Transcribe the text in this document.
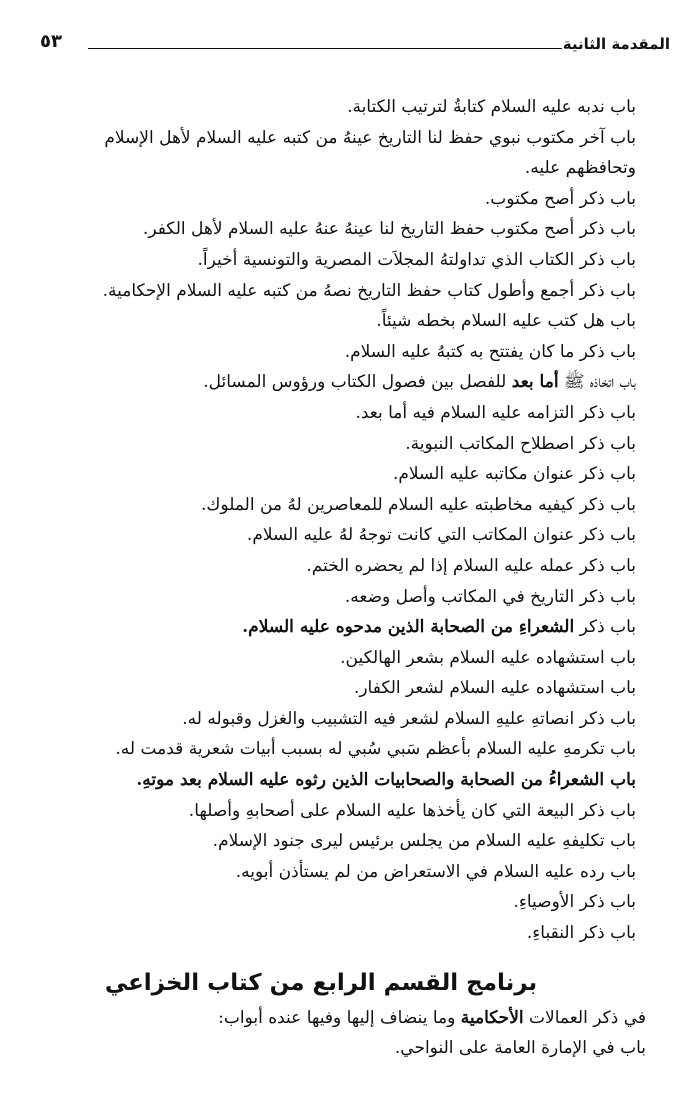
المقدمة الثانية
٥٣
باب ندبه عليه السلام كتابةُ لترتيب الكتابة.
باب آخر مكتوب نبوي حفظ لنا التاريخ عينهُ من كتبه عليه السلام لأهل الإسلام وتحافظهم عليه.
باب ذكر أصح مكتوب.
باب ذكر أصح مكتوب حفظ التاريخ لنا عينهُ عنهُ عليه السلام لأهل الكفر.
باب ذكر الكتاب الذي تداولتهُ المجلاَت المصرية والتونسية أخيراً.
باب ذكر أجمع وأطول كتاب حفظ التاريخ نصهُ من كتبه عليه السلام الإحكامية.
باب هل كتب عليه السلام بخطه شيئاً.
باب ذكر ما كان يفتتح به كتبهُ عليه السلام.
باب اتخاذه ﷺ أما بعد للفصل بين فصول الكتاب ورؤوس المسائل.
باب ذكر التزامه عليه السلام فيه أما بعد.
باب ذكر اصطلاح المكاتب النبوية.
باب ذكر عنوان مكاتبه عليه السلام.
باب ذكر كيفيه مخاطبته عليه السلام للمعاصرين لهُ من الملوك.
باب ذكر عنوان المكاتب التي كانت توجهُ لهُ عليه السلام.
باب ذكر عمله عليه السلام إذا لم يحضره الختم.
باب ذكر التاريخ في المكاتب وأصل وضعه.
باب ذكر الشعراءِ من الصحابة الذين مدحوه عليه السلام.
باب استشهاده عليه السلام بشعر الهالكين.
باب استشهاده عليه السلام لشعر الكفار.
باب ذكر انصاتهِ عليهِ السلام لشعر فيه التشبيب والغزل وقبوله له.
باب تكرمهِ عليه السلام بأعظم سَبي سُبي له بسبب أبيات شعرية قدمت له.
باب الشعراءُ من الصحابة والصحابيات الذين رثوه عليه السلام بعد موتهِ.
باب ذكر البيعة التي كان يأخذها عليه السلام على أصحابهِ وأصلها.
باب تكليفهِ عليه السلام من يجلس برئيس ليرى جنود الإسلام.
باب رده عليه السلام في الاستعراض من لم يستأذن أبويه.
باب ذكر الأوصياءِ.
باب ذكر النقباءِ.
برنامج القسم الرابع من كتاب الخزاعي
في ذكر العمالات الأحكامية وما ينضاف إليها وفيها عنده أبواب:
باب في الإمارة العامة على النواحي.
